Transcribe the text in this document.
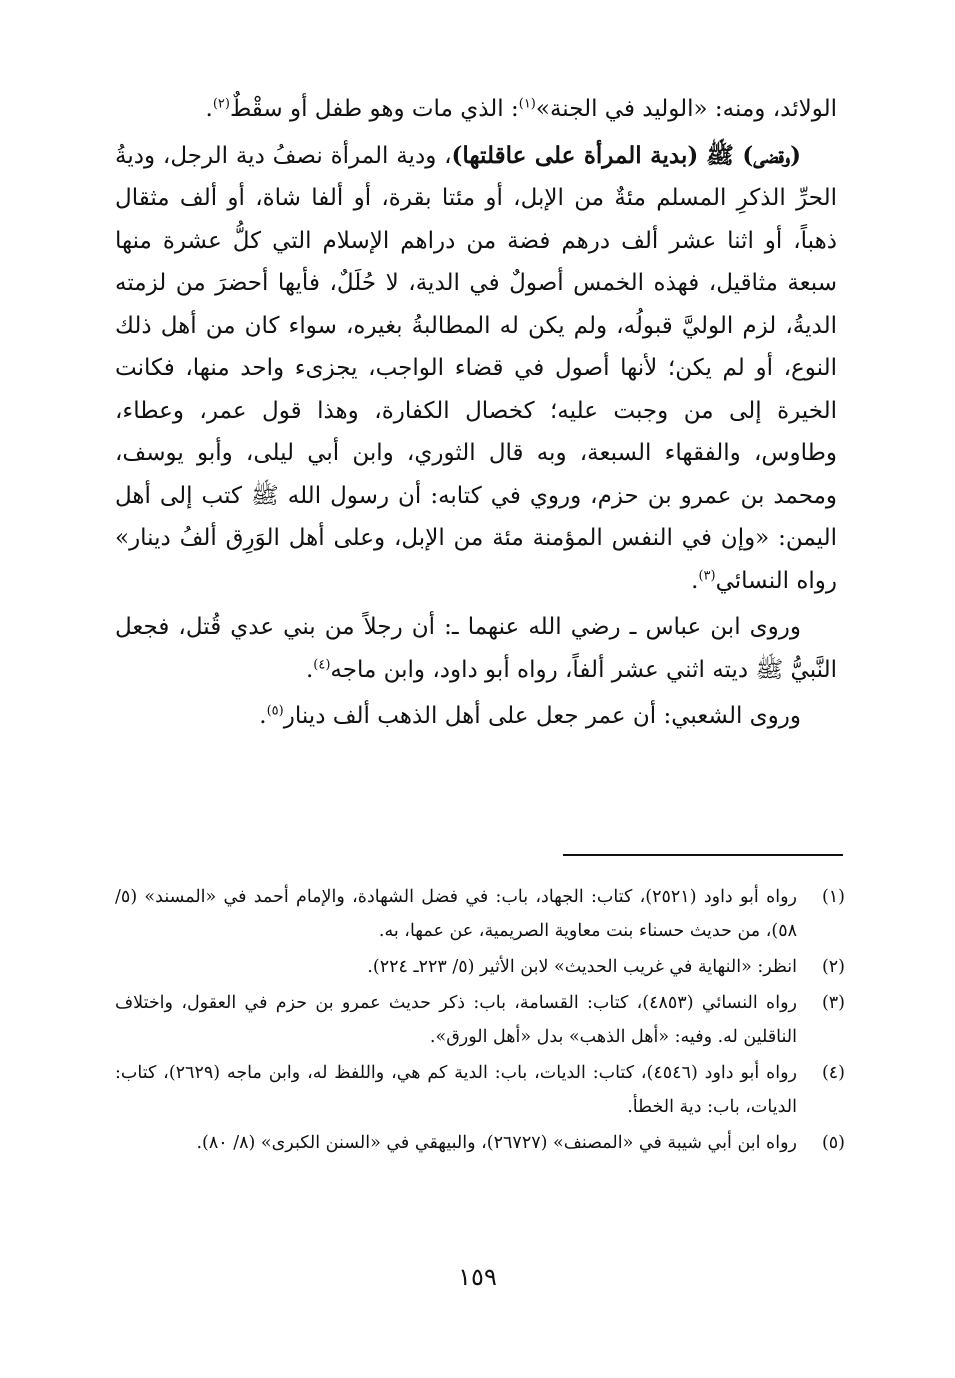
الولائد، ومنه: «الوليد في الجنة»$^{(١)}$: الذي مات وهو طفل أو سقْطٌ$^{(٢)}$.

(وقضى) ﷺ (بدية المرأة على عاقلتها)، ودية المرأة نصفُ دية الرجل، وديةُ الحرِّ الذكرِ المسلم مئةٌ من الإبل، أو مئتا بقرة، أو ألفا شاة، أو ألف مثقال ذهباً، أو اثنا عشر ألف درهم فضة من دراهم الإسلام التي كلُّ عشرة منها سبعة مثاقيل، فهذه الخمس أصولٌ في الدية، لا حُلَلٌ، فأيها أحضرَ من لزمته الديةُ، لزم الوليَّ قبولُه، ولم يكن له المطالبةُ بغيره، سواء كان من أهل ذلك النوع، أو لم يكن؛ لأنها أصول في قضاء الواجب، يجزىء واحد منها، فكانت الخيرة إلى من وجبت عليه؛ كخصال الكفارة، وهذا قول عمر، وعطاء، وطاوس، والفقهاء السبعة، وبه قال الثوري، وابن أبي ليلى، وأبو يوسف، ومحمد بن عمرو بن حزم، وروي في كتابه: أن رسول الله ﷺ كتب إلى أهل اليمن: «وإن في النفس المؤمنة مئة من الإبل، وعلى أهل الوَرِق ألفُ دينار» رواه النسائي$^{(٣)}$.

وروى ابن عباس ـ رضي الله عنهما ـ: أن رجلاً من بني عدي قُتل، فجعل النَّبيُّ ﷺ ديته اثني عشر ألفاً، رواه أبو داود، وابن ماجه$^{(٤)}$.

وروى الشعبي: أن عمر جعل على أهل الذهب ألف دينار$^{(٥)}$.

(١)
رواه أبو داود (٢٥٢١)، كتاب: الجهاد، باب: في فضل الشهادة، والإمام أحمد في «المسند» (٥/ ٥٨)، من حديث حسناء بنت معاوية الصريمية، عن عمها، به.
(٢)
انظر: «النهاية في غريب الحديث» لابن الأثير (٥/ ٢٢٣ـ ٢٢٤).
(٣)
رواه النسائي (٤٨٥٣)، كتاب: القسامة، باب: ذكر حديث عمرو بن حزم في العقول، واختلاف الناقلين له. وفيه: «أهل الذهب» بدل «أهل الورق».
(٤)
رواه أبو داود (٤٥٤٦)، كتاب: الديات، باب: الدية كم هي، واللفظ له، وابن ماجه (٢٦٢٩)، كتاب: الديات، باب: دية الخطأ.
(٥)
رواه ابن أبي شيبة في «المصنف» (٢٦٧٢٧)، والبيهقي في «السنن الكبرى» (٨/ ٨٠).
١٥٩
